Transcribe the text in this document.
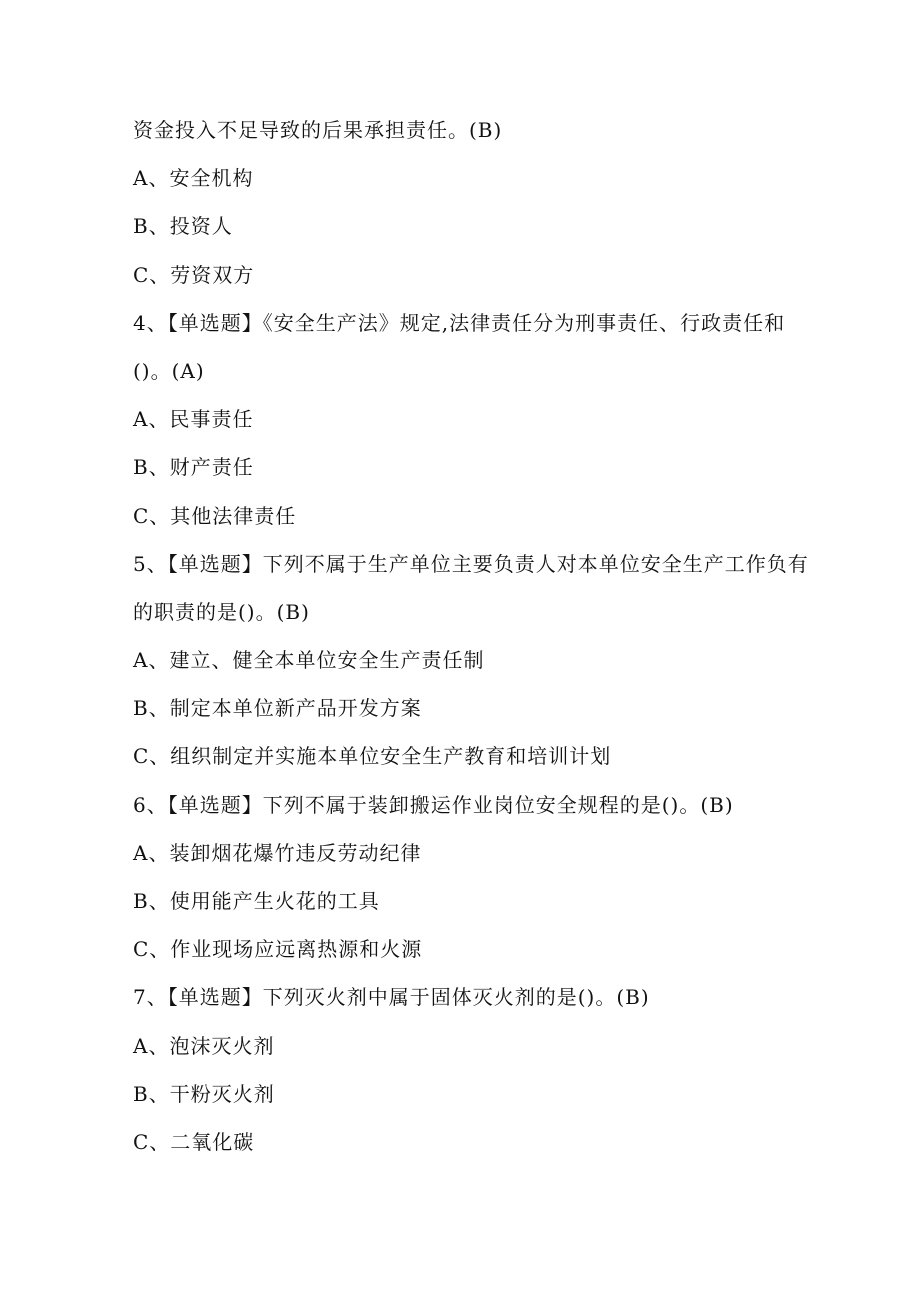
资金投入不足导致的后果承担责任。(B)
A、安全机构
B、投资人
C、劳资双方
4、【单选题】《安全生产法》规定,法律责任分为刑事责任、行政责任和
()。(A)
A、民事责任
B、财产责任
C、其他法律责任
5、【单选题】下列不属于生产单位主要负责人对本单位安全生产工作负有
的职责的是()。(B)
A、建立、健全本单位安全生产责任制
B、制定本单位新产品开发方案
C、组织制定并实施本单位安全生产教育和培训计划
6、【单选题】下列不属于装卸搬运作业岗位安全规程的是()。(B)
A、装卸烟花爆竹违反劳动纪律
B、使用能产生火花的工具
C、作业现场应远离热源和火源
7、【单选题】下列灭火剂中属于固体灭火剂的是()。(B)
A、泡沫灭火剂
B、干粉灭火剂
C、二氧化碳
